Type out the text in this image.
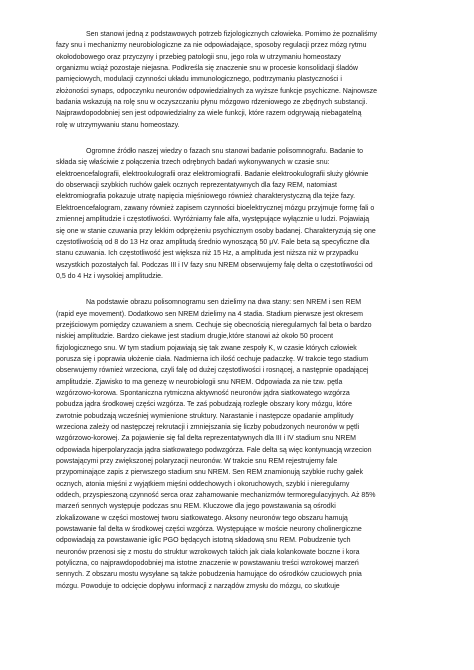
Sen stanowi jedną z podstawowych potrzeb fizjologicznych człowieka. Pomimo że poznaliśmy
fazy snu i mechanizmy neurobiologiczne za nie odpowiadające, sposoby regulacji przez mózg rytmu
okołodobowego oraz przyczyny i przebieg patologii snu, jego rola w utrzymaniu homeostazy
organizmu wciąż pozostaje niejasna. Podkreśla się znaczenie snu w procesie konsolidacji śladów
pamięciowych, modulacji czynności układu immunologicznego, podtrzymaniu plastyczności i
złożoności synaps, odpoczynku neuronów odpowiedzialnych za wyższe funkcje psychiczne. Najnowsze
badania wskazują na rolę snu w oczyszczaniu płynu mózgowo rdzeniowego ze zbędnych substancji.
Najprawdopodobniej sen jest odpowiedzialny za wiele funkcji, które razem odgrywają niebagatelną
rolę w utrzymywaniu stanu homeostazy.
Ogromne źródło naszej wiedzy o fazach snu stanowi badanie polisomnografu. Badanie to
składa się właściwie z połączenia trzech odrębnych badań wykonywanych w czasie snu:
elektroencefalografii, elektrookulografii oraz elektromiografii. Badanie elektrookulografii służy głównie
do obserwacji szybkich ruchów gałek ocznych reprezentatywnych dla fazy REM, natomiast
elektromiografia pokazuje utratę napięcia mięśniowego również charakterystyczną dla tejże fazy.
Elektroencefalogram, zawany również zapisem czynności bioelektrycznej mózgu przyjmuje formę fali o
zmiennej amplitudzie i częstotliwości. Wyróżniamy fale alfa, występujące wyłącznie u ludzi. Pojawiają
się one w stanie czuwania przy lekkim odprężeniu psychicznym osoby badanej. Charakteryzują się one
częstotliwością od 8 do 13 Hz oraz amplitudą średnio wynoszącą 50 μV. Fale beta są specyficzne dla
stanu czuwania. Ich częstotliwość jest większa niż 15 Hz, a amplituda jest niższa niż w przypadku
wszystkich pozostałych fal. Podczas III i IV fazy snu NREM obserwujemy falę delta o częstotliwości od
0,5 do 4 Hz i wysokiej amplitudzie.
Na podstawie obrazu polisomnogramu sen dzielimy na dwa stany: sen NREM i sen REM
(rapid eye movement). Dodatkowo sen NREM dzielimy na 4 stadia. Stadium pierwsze jest okresem
przejściowym pomiędzy czuwaniem a snem. Cechuje się obecnością nieregularnych fal beta o bardzo
niskiej amplitudzie. Bardzo ciekawe jest stadium drugie,które stanowi aż około 50 procent
fizjologicznego snu. W tym stadium pojawiają się tak zwane zespoły K, w czasie których człowiek
porusza się i poprawia ułożenie ciała. Nadmierna ich ilość cechuje padaczkę. W trakcie tego stadium
obserwujemy również wrzeciona, czyli falę od dużej częstotliwości i rosnącej, a następnie opadającej
amplitudzie. Zjawisko to ma genezę w neurobiologii snu NREM. Odpowiada za nie tzw. pętla
wzgórzowo-korowa. Spontaniczna rytmiczna aktywność neuronów jądra siatkowatego wzgórza
pobudza jądra środkowej części wzgórza. Te zaś pobudzają rozległe obszary kory mózgu, które
zwrotnie pobudzają wcześniej wymienione struktury. Narastanie i następcze opadanie amplitudy
wrzeciona zależy od następczej rekrutacji i zmniejszania się liczby pobudzonych neuronów w pętli
wzgórzowo-korowej. Za pojawienie się fal delta reprezentatywnych dla III i IV stadium snu NREM
odpowiada hiperpolaryzacja jądra siatkowatego podwzgórza. Fale delta są więc kontynuacją wrzecion
powstającymi przy zwiększonej polaryzacji neuronów. W trakcie snu REM rejestrujemy fale
przypominające zapis z pierwszego stadium snu NREM. Sen REM znamionują szybkie ruchy gałek
ocznych, atonia mięśni z wyjątkiem mięśni oddechowych i okoruchowych, szybki i nieregularny
oddech, przyspieszoną czynność serca oraz zahamowanie mechanizmów termoregulacyjnych. Aż 85%
marzeń sennych występuje podczas snu REM. Kluczowe dla jego powstawania są ośrodki
zlokalizowane w części mostowej tworu siatkowatego. Aksony neuronów tego obszaru hamują
powstawanie fal delta w środkowej części wzgórza. Występujące w moście neurony cholinergiczne
odpowiadają za powstawanie iglic PGO będących istotną składową snu REM. Pobudzenie tych
neuronów przenosi się z mostu do struktur wzrokowych takich jak ciała kolankowate boczne i kora
potyliczna, co najprawdopodobniej ma istotne znaczenie w powstawaniu treści wzrokowej marzeń
sennych. Z obszaru mostu wysyłane są także pobudzenia hamujące do ośrodków czuciowych pnia
mózgu. Powoduje to odcięcie dopływu informacji z narządów zmysłu do mózgu, co skutkuje
